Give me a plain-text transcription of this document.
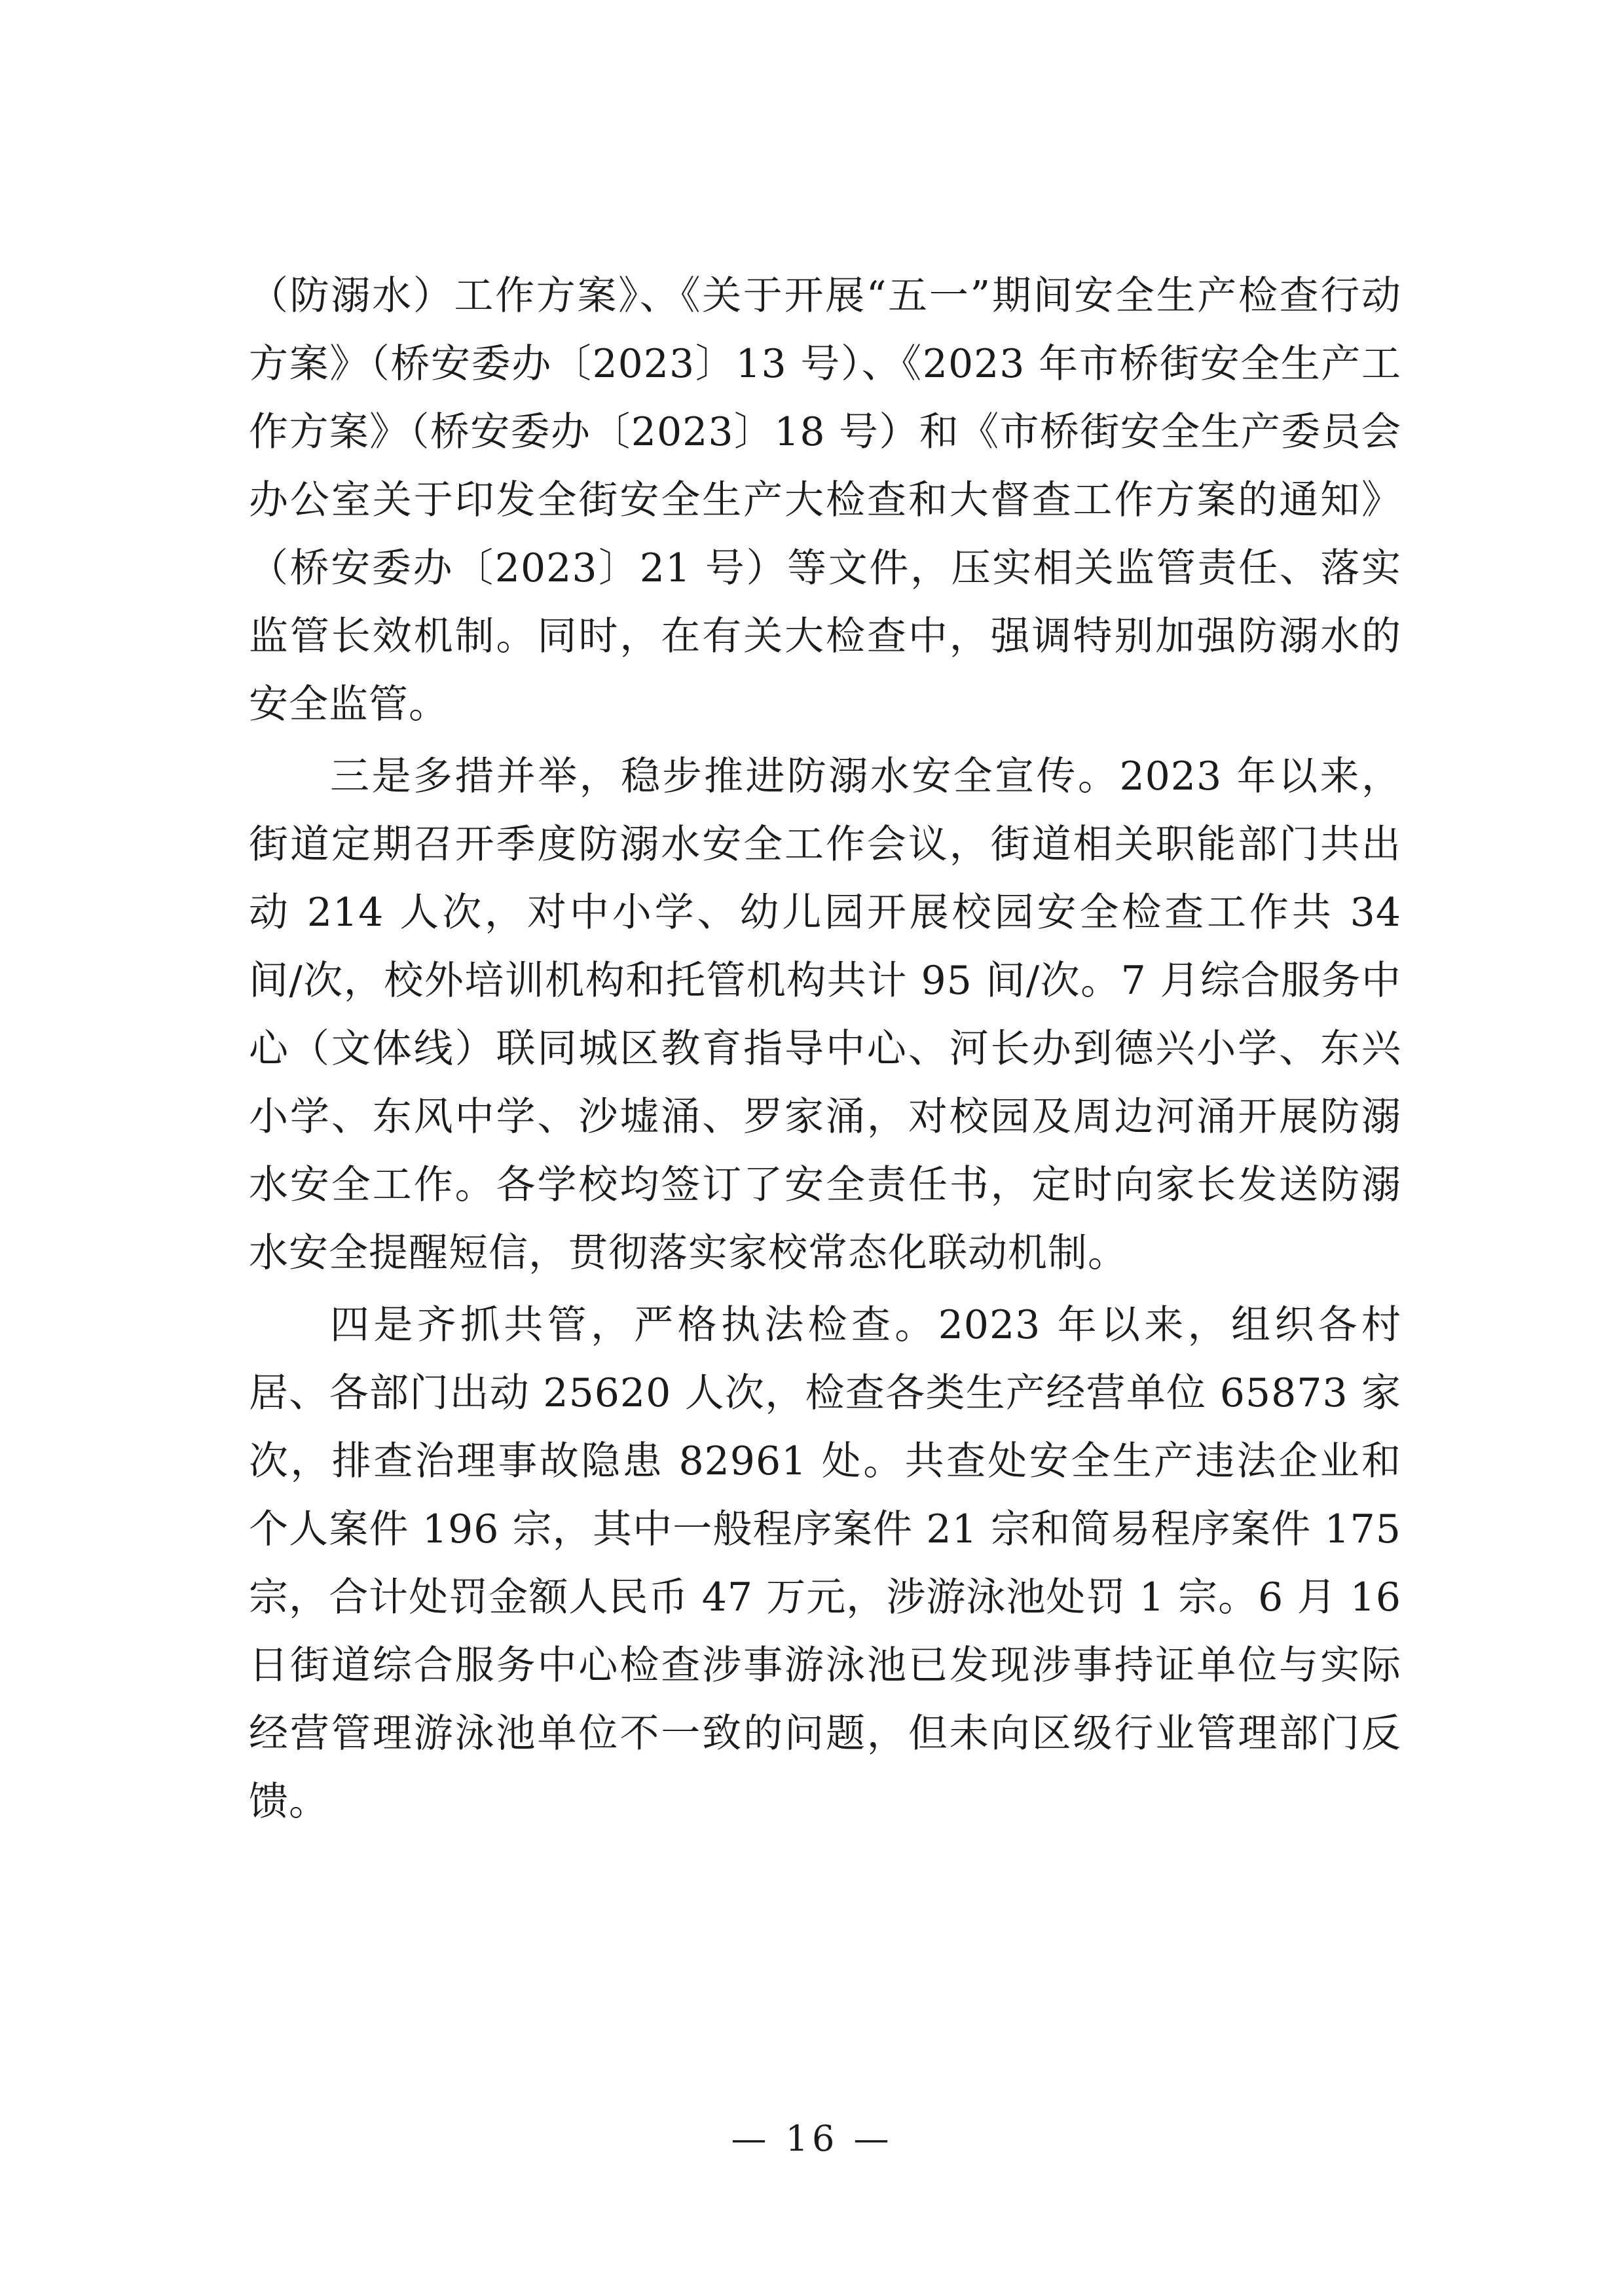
（防溺水）工作方案》、《关于开展“五一”期间安全生产检查行动方案》（桥安委办〔2023〕13 号）、《2023 年市桥街安全生产工作方案》（桥安委办〔2023〕18 号）和《市桥街安全生产委员会办公室关于印发全街安全生产大检查和大督查工作方案的通知》（桥安委办〔2023〕21 号）等文件，压实相关监管责任、落实监管长效机制。同时，在有关大检查中，强调特别加强防溺水的安全监管。

三是多措并举，稳步推进防溺水安全宣传。2023 年以来，街道定期召开季度防溺水安全工作会议，街道相关职能部门共出动 214 人次，对中小学、幼儿园开展校园安全检查工作共 34 间/次，校外培训机构和托管机构共计 95 间/次。7 月综合服务中心（文体线）联同城区教育指导中心、河长办到德兴小学、东兴小学、东风中学、沙墟涌、罗家涌，对校园及周边河涌开展防溺水安全工作。各学校均签订了安全责任书，定时向家长发送防溺水安全提醒短信，贯彻落实家校常态化联动机制。

四是齐抓共管，严格执法检查。2023 年以来，组织各村居、各部门出动 25620 人次，检查各类生产经营单位 65873 家次，排查治理事故隐患 82961 处。共查处安全生产违法企业和个人案件 196 宗，其中一般程序案件 21 宗和简易程序案件 175 宗，合计处罚金额人民币 47 万元，涉游泳池处罚 1 宗。6 月 16 日街道综合服务中心检查涉事游泳池已发现涉事持证单位与实际经营管理游泳池单位不一致的问题，但未向区级行业管理部门反馈。

— 16 —
